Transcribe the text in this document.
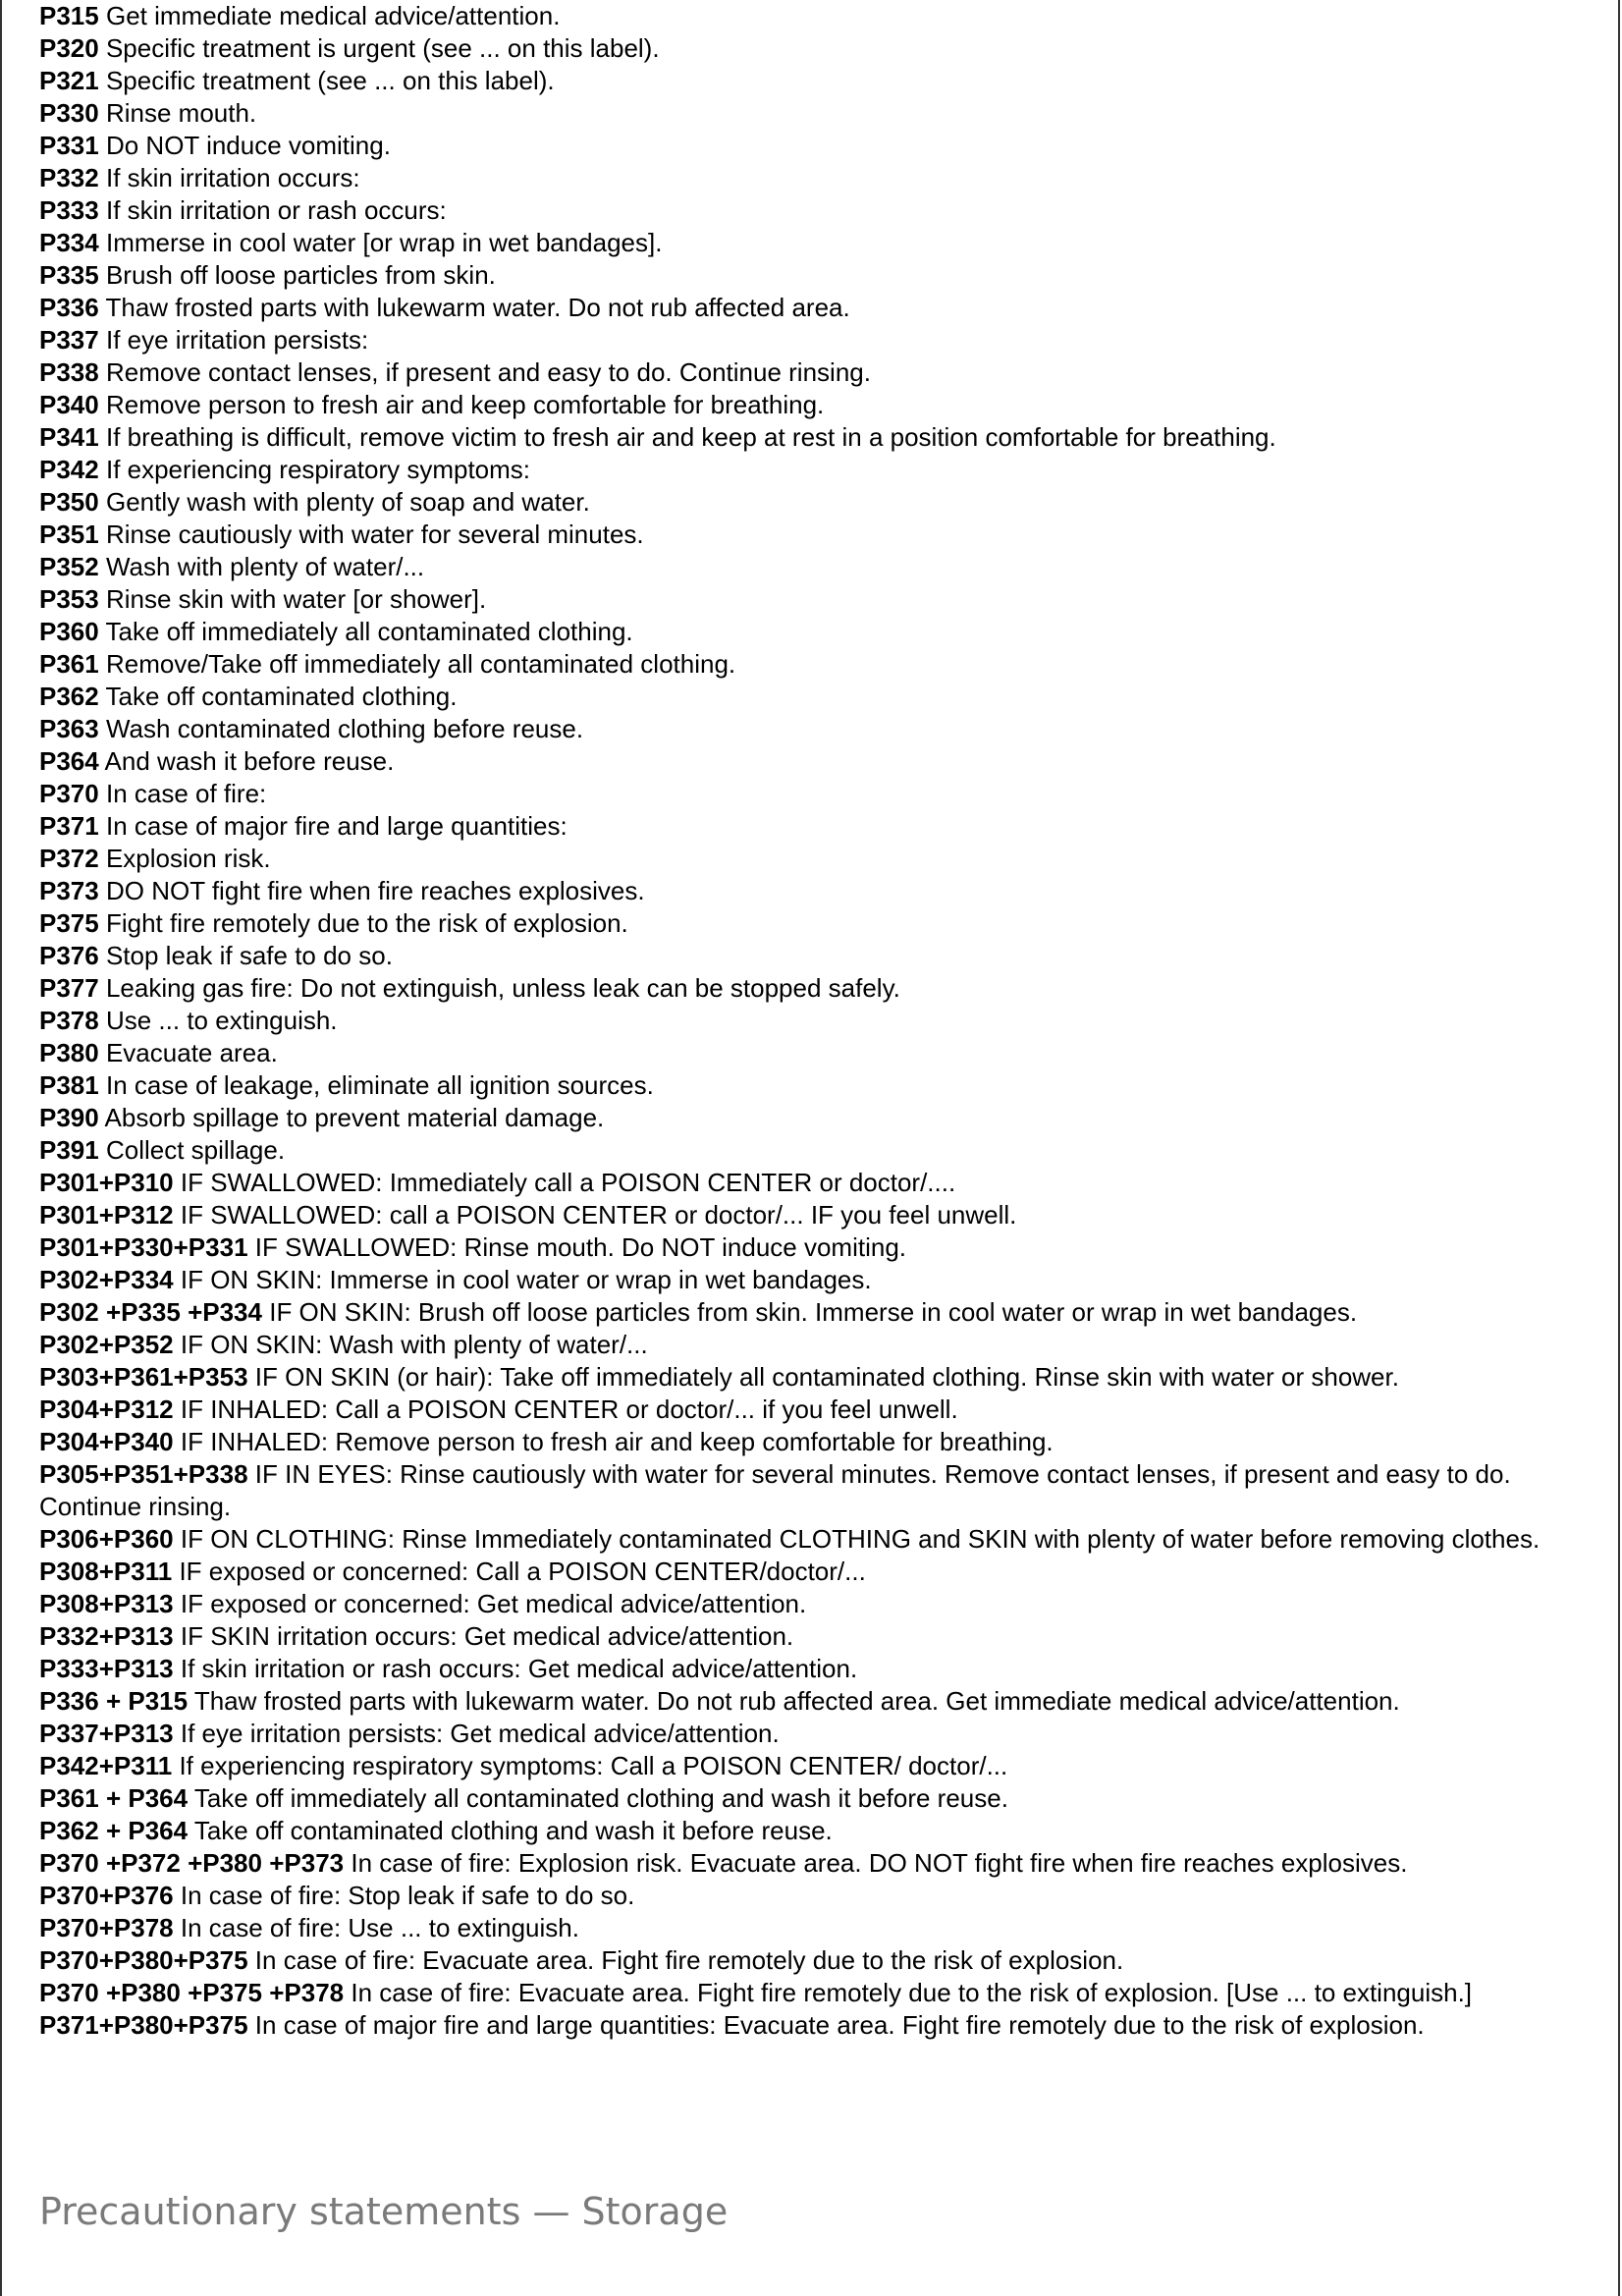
P315 Get immediate medical advice/attention.

P320 Specific treatment is urgent (see ... on this label).

P321 Specific treatment (see ... on this label).

P330 Rinse mouth.

P331 Do NOT induce vomiting.

P332 If skin irritation occurs:

P333 If skin irritation or rash occurs:

P334 Immerse in cool water [or wrap in wet bandages].

P335 Brush off loose particles from skin.

P336 Thaw frosted parts with lukewarm water. Do not rub affected area.

P337 If eye irritation persists:

P338 Remove contact lenses, if present and easy to do. Continue rinsing.

P340 Remove person to fresh air and keep comfortable for breathing.

P341 If breathing is difficult, remove victim to fresh air and keep at rest in a position comfortable for breathing.

P342 If experiencing respiratory symptoms:

P350 Gently wash with plenty of soap and water.

P351 Rinse cautiously with water for several minutes.

P352 Wash with plenty of water/...

P353 Rinse skin with water [or shower].

P360 Take off immediately all contaminated clothing.

P361 Remove/Take off immediately all contaminated clothing.

P362 Take off contaminated clothing.

P363 Wash contaminated clothing before reuse.

P364 And wash it before reuse.

P370 In case of fire:

P371 In case of major fire and large quantities:

P372 Explosion risk.

P373 DO NOT fight fire when fire reaches explosives.

P375 Fight fire remotely due to the risk of explosion.

P376 Stop leak if safe to do so.

P377 Leaking gas fire: Do not extinguish, unless leak can be stopped safely.

P378 Use ... to extinguish.

P380 Evacuate area.

P381 In case of leakage, eliminate all ignition sources.

P390 Absorb spillage to prevent material damage.

P391 Collect spillage.

P301+P310 IF SWALLOWED: Immediately call a POISON CENTER or doctor/....

P301+P312 IF SWALLOWED: call a POISON CENTER or doctor/... IF you feel unwell.

P301+P330+P331 IF SWALLOWED: Rinse mouth. Do NOT induce vomiting.

P302+P334 IF ON SKIN: Immerse in cool water or wrap in wet bandages.

P302 +P335 +P334 IF ON SKIN: Brush off loose particles from skin. Immerse in cool water or wrap in wet bandages.

P302+P352 IF ON SKIN: Wash with plenty of water/...

P303+P361+P353 IF ON SKIN (or hair): Take off immediately all contaminated clothing. Rinse skin with water or shower.

P304+P312 IF INHALED: Call a POISON CENTER or doctor/... if you feel unwell.

P304+P340 IF INHALED: Remove person to fresh air and keep comfortable for breathing.

P305+P351+P338 IF IN EYES: Rinse cautiously with water for several minutes. Remove contact lenses, if present and easy to do. Continue rinsing.

P306+P360 IF ON CLOTHING: Rinse Immediately contaminated CLOTHING and SKIN with plenty of water before removing clothes.

P308+P311 IF exposed or concerned: Call a POISON CENTER/doctor/...

P308+P313 IF exposed or concerned: Get medical advice/attention.

P332+P313 IF SKIN irritation occurs: Get medical advice/attention.

P333+P313 If skin irritation or rash occurs: Get medical advice/attention.

P336 + P315 Thaw frosted parts with lukewarm water. Do not rub affected area. Get immediate medical advice/attention.

P337+P313 If eye irritation persists: Get medical advice/attention.

P342+P311 If experiencing respiratory symptoms: Call a POISON CENTER/ doctor/...

P361 + P364 Take off immediately all contaminated clothing and wash it before reuse.

P362 + P364 Take off contaminated clothing and wash it before reuse.

P370 +P372 +P380 +P373 In case of fire: Explosion risk. Evacuate area. DO NOT fight fire when fire reaches explosives.

P370+P376 In case of fire: Stop leak if safe to do so.

P370+P378 In case of fire: Use ... to extinguish.

P370+P380+P375 In case of fire: Evacuate area. Fight fire remotely due to the risk of explosion.

P370 +P380 +P375 +P378 In case of fire: Evacuate area. Fight fire remotely due to the risk of explosion. [Use ... to extinguish.]

P371+P380+P375 In case of major fire and large quantities: Evacuate area. Fight fire remotely due to the risk of explosion.

Precautionary statements — Storage
